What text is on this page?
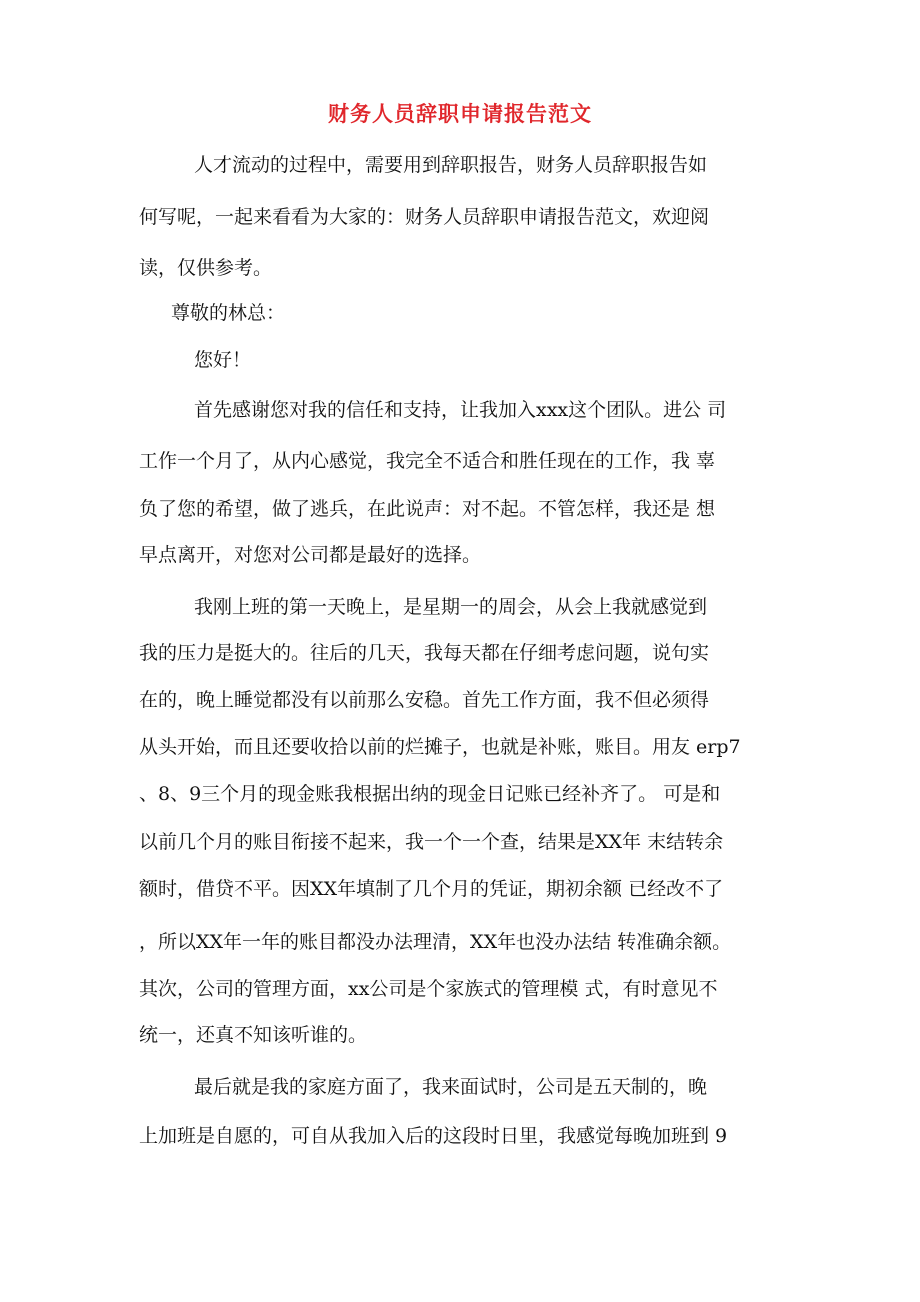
财务人员辞职申请报告范文
人才流动的过程中，需要用到辞职报告，财务人员辞职报告如
何写呢，一起来看看为大家的：财务人员辞职申请报告范文，欢迎阅
读，仅供参考。
尊敬的林总：
您好！
首先感谢您对我的信任和支持，让我加入xxx这个团队。进公 司
工作一个月了，从内心感觉，我完全不适合和胜任现在的工作，我 辜
负了您的希望，做了逃兵，在此说声：对不起。不管怎样，我还是 想
早点离开，对您对公司都是最好的选择。
我刚上班的第一天晚上，是星期一的周会，从会上我就感觉到
我的压力是挺大的。往后的几天，我每天都在仔细考虑问题，说句实
在的，晚上睡觉都没有以前那么安稳。首先工作方面，我不但必须得
从头开始，而且还要收拾以前的烂摊子，也就是补账，账目。用友 erp7
、8、9三个月的现金账我根据出纳的现金日记账已经补齐了。 可是和
以前几个月的账目衔接不起来，我一个一个查，结果是XX年 末结转余
额时，借贷不平。因XX年填制了几个月的凭证，期初余额 已经改不了
，所以XX年一年的账目都没办法理清，XX年也没办法结 转准确余额。
其次，公司的管理方面，xx公司是个家族式的管理模 式，有时意见不
统一，还真不知该听谁的。
最后就是我的家庭方面了，我来面试时，公司是五天制的，晚
上加班是自愿的，可自从我加入后的这段时日里，我感觉每晚加班到 9
